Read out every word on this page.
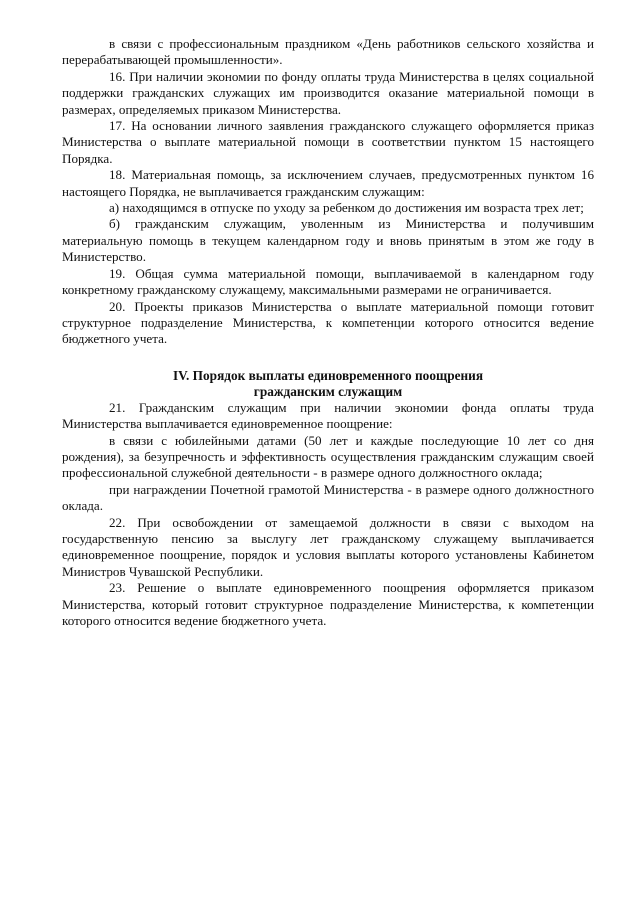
в связи с профессиональным праздником «День работников сельского хозяйства и перерабатывающей промышленности».

16. При наличии экономии по фонду оплаты труда Министерства в целях социальной поддержки гражданских служащих им производится оказание материальной помощи в размерах, определяемых приказом Министерства.

17. На основании личного заявления гражданского служащего оформляется приказ Министерства о выплате материальной помощи в соответствии пунктом 15 настоящего Порядка.

18. Материальная помощь, за исключением случаев, предусмотренных пунктом 16 настоящего Порядка, не выплачивается гражданским служащим:

а) находящимся в отпуске по уходу за ребенком до достижения им возраста трех лет;

б) гражданским служащим, уволенным из Министерства и получившим материальную помощь в текущем календарном году и вновь принятым в этом же году в Министерство.

19. Общая сумма материальной помощи, выплачиваемой в календарном году конкретному гражданскому служащему, максимальными размерами не ограничивается.

20. Проекты приказов Министерства о выплате материальной помощи готовит структурное подразделение Министерства, к компетенции которого относится ведение бюджетного учета.

IV. Порядок выплаты единовременного поощрения
гражданским служащим

21. Гражданским служащим при наличии экономии фонда оплаты труда Министерства выплачивается единовременное поощрение:

в связи с юбилейными датами (50 лет и каждые последующие 10 лет со дня рождения), за безупречность и эффективность осуществления гражданским служащим своей профессиональной служебной деятельности - в размере одного должностного оклада;

при награждении Почетной грамотой Министерства - в размере одного должностного оклада.

22. При освобождении от замещаемой должности в связи с выходом на государственную пенсию за выслугу лет гражданскому служащему выплачивается единовременное поощрение, порядок и условия выплаты которого установлены Кабинетом Министров Чувашской Республики.

23. Решение о выплате единовременного поощрения оформляется приказом Министерства, который готовит структурное подразделение Министерства, к компетенции которого относится ведение бюджетного учета.
